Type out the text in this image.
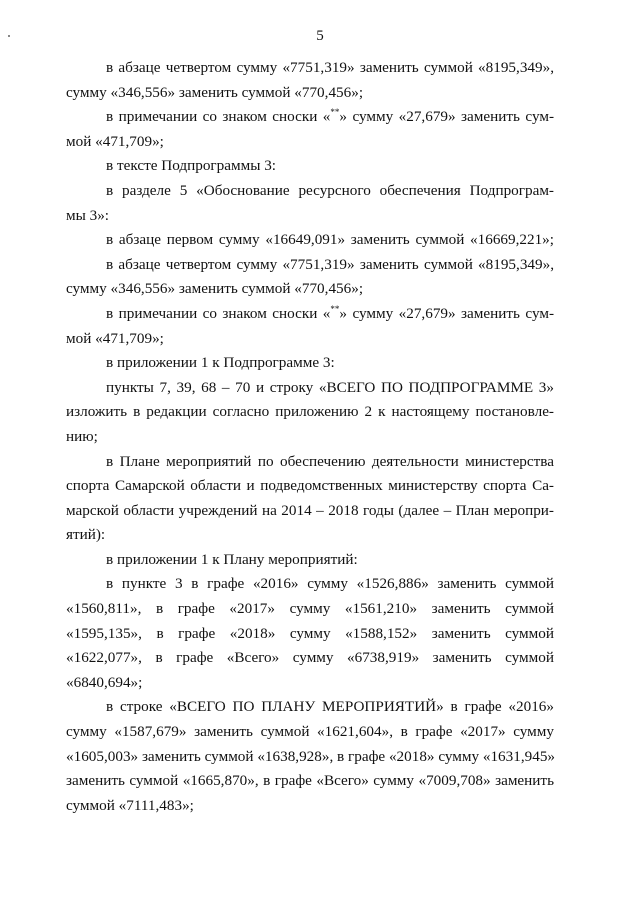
5
в абзаце четвертом сумму «7751,319» заменить суммой «8195,349»,
сумму «346,556» заменить суммой «770,456»;
в примечании со знаком сноски «**» сумму «27,679» заменить сум-
мой «471,709»;
в тексте Подпрограммы 3:
в разделе 5 «Обоснование ресурсного обеспечения Подпрограм-
мы 3»:
в абзаце первом сумму «16649,091» заменить суммой «16669,221»;
в абзаце четвертом сумму «7751,319» заменить суммой «8195,349»,
сумму «346,556» заменить суммой «770,456»;
в примечании со знаком сноски «**» сумму «27,679» заменить сум-
мой «471,709»;
в приложении 1 к Подпрограмме 3:
пункты 7, 39, 68 – 70 и строку «ВСЕГО ПО ПОДПРОГРАММЕ 3»
изложить в редакции согласно приложению 2 к настоящему постановле-
нию;
в Плане мероприятий по обеспечению деятельности министерства
спорта Самарской области и подведомственных министерству спорта Са-
марской области учреждений на 2014 – 2018 годы (далее – План меропри-
ятий):
в приложении 1 к Плану мероприятий:
в пункте 3 в графе «2016» сумму «1526,886» заменить суммой
«1560,811», в графе «2017» сумму «1561,210» заменить суммой
«1595,135», в графе «2018» сумму «1588,152» заменить суммой
«1622,077», в графе «Всего» сумму «6738,919» заменить суммой
«6840,694»;
в строке «ВСЕГО ПО ПЛАНУ МЕРОПРИЯТИЙ» в графе «2016»
сумму «1587,679» заменить суммой «1621,604», в графе «2017» сумму
«1605,003» заменить суммой «1638,928», в графе «2018» сумму «1631,945»
заменить суммой «1665,870», в графе «Всего» сумму «7009,708» заменить
суммой «7111,483»;
